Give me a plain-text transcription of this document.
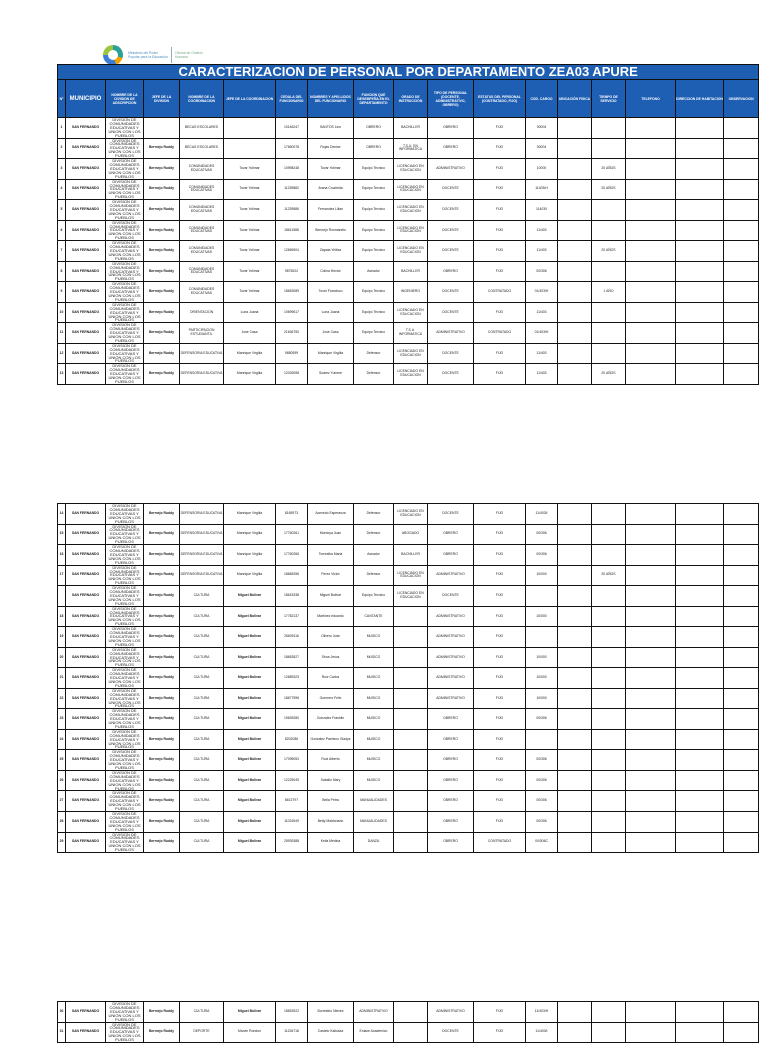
Ministerio del Poder Popular para la Educación
Oficina de Gestión Humana
CARACTERIZACION DE PERSONAL POR DEPARTAMENTO ZEA03 APURE																	
N°	MUNICIPIO	NOMBRE DE LA DIVISION DE ADSCRIPCION	JEFE DE LA DIVISION	NOMBRE DE LA COORDINACION	JEFE DE LA COORDINACION	CEDULA DEL FUNCIONARIO	NOMBRES Y APELLIDOS DEL FUNCIONARIO	FUNCION QUE DESEMPEÑA EN EL DEPARTAMENTO	GRADO DE INSTRUCCIÓN	TIPO DE PERSONAL (DOCENTE, ADMINISTRATIVO, OBRERO)	ESTATUS DEL PERSONAL (CONTRATADO, FIJO)	COD. CARGO	UBICACIÓN FISICA	TIEMPO DE SERVICIO	TELEFONO	DIRECCION DE HABITACION	OBSERVACION
1	SAN FERNANDO	DIVISION DE COMUNIDADES EDUCATIVAS Y UNION CON LOS PUEBLOS		BECAS ESCOLARES		10146247	SANTOS Lino	OBRERO	BACHILLER	OBRERO	FIJO	00004					
2	SAN FERNANDO	DIVISION DE COMUNIDADES EDUCATIVAS Y UNION CON LOS PUEBLOS	Bermejo Ruddy	BECAS ESCOLARES		17650078	Rojas Denise	OBRERO	T.S.U. EN INFORMATICA	OBRERO	FIJO	00004					
3	SAN FERNANDO	DIVISION DE COMUNIDADES EDUCATIVAS Y UNION CON LOS PUEBLOS	Bermejo Ruddy	COMUNIDADES EDUCATIVAS	Tovar Yolimar	10998248	Tovar Yolimar	Equipo Tecnico	LICENCIADO EN EDUCACION	ADMINISTRATIVO	FIJO	10000		20 AÑOS			
4	SAN FERNANDO	DIVISION DE COMUNIDADES EDUCATIVAS Y UNION CON LOS PUEBLOS	Bermejo Ruddy	COMUNIDADES EDUCATIVAS	Tovar Yolimar	11239882	Arana Cruzleida	Equipo Tecnico	LICENCIADO EN EDUCACION	DOCENTE	FIJO	11403/H		20 AÑOS			
5	SAN FERNANDO	DIVISION DE COMUNIDADES EDUCATIVAS Y UNION CON LOS PUEBLOS	Bermejo Ruddy	COMUNIDADES EDUCATIVAS	Tovar Yolimar	11239886	Fernandez Lilian	Equipo Tecnico	LICENCIADO EN EDUCACION	DOCENTE	FIJO	11403/I					
6	SAN FERNANDO	DIVISION DE COMUNIDADES EDUCATIVAS Y UNION CON LOS PUEBLOS	Bermejo Ruddy	COMUNIDADES EDUCATIVAS	Tovar Yolimar	18611588	Bermejo Rosmarelis	Equipo Tecnico	LICENCIADO EN EDUCACION	DOCENTE	FIJO	11/403					
7	SAN FERNANDO	DIVISION DE COMUNIDADES EDUCATIVAS Y UNION CON LOS PUEBLOS	Bermejo Ruddy	COMUNIDADES EDUCATIVAS	Tovar Yolimar	12656904	Zapata Yelitza	Equipo Tecnico	LICENCIADO EN EDUCACION	DOCENTE	FIJO	11/403		20 AÑOS			
8	SAN FERNANDO	DIVISION DE COMUNIDADES EDUCATIVAS Y UNION CON LOS PUEBLOS	Bermejo Ruddy	COMUNIDADES EDUCATIVAS	Tovar Yolimar	9875522	Colina Hector	Aseador	BACHILLER	OBRERO	FIJO	00/306					
9	SAN FERNANDO	DIVISION DE COMUNIDADES EDUCATIVAS Y UNION CON LOS PUEBLOS	Bermejo Ruddy	COMUNIDADES EDUCATIVAS	Tovar Yolimar	18653089	Tovar Francisco	Equipo Tecnico	INGENIERO	DOCENTE	CONTRATADO	01/403/H		1 AÑO			
10	SAN FERNANDO	DIVISION DE COMUNIDADES EDUCATIVAS Y UNION CON LOS PUEBLOS	Bermejo Ruddy	ORIENTACION	Luna Juana	10699617	Luna Juana	Equipo Tecnico	LICENCIADO EN EDUCACION	DOCENTE	FIJO	11/403					
11	SAN FERNANDO	DIVISION DE COMUNIDADES EDUCATIVAS Y UNION CON LOS PUEBLOS	Bermejo Ruddy	PARTICIPACION ESTUDIANTIL	Jose Casa	21636750	Jose Casa	Equipo Tecnico	T.S.U. INFORMATICA	ADMINISTRATIVO	CONTRATADO	01/403/H					
12	SAN FERNANDO	DIVISION DE COMUNIDADES EDUCATIVAS Y UNION CON LOS PUEBLOS	Bermejo Ruddy	DEFENSORIA EDUCATIVA	Manrique Virgilia	9680959	Manrique Virgilia	Defensor	LICENCIADO EN EDUCACION	DOCENTE	FIJO	11/403					
13	SAN FERNANDO	DIVISION DE COMUNIDADES EDUCATIVAS Y UNION CON LOS PUEBLOS	Bermejo Ruddy	DEFENSORIA EDUCATIVA	Manrique Virgilia	12026098	Suarez Yumme	Defensor	LICENCIADO EN EDUCACION	DOCENTE	FIJO	11/403		20 AÑOS			
14	SAN FERNANDO	DIVISION DE COMUNIDADES EDUCATIVAS Y UNION CON LOS PUEBLOS	Bermejo Ruddy	DEFENSORIA EDUCATIVA	Manrique Virgilia	8165973	Acevedo Esperanza	Defensor	LICENCIADO EN EDUCACION	DOCENTE	FIJO	11/403/I					
15	SAN FERNANDO	DIVISION DE COMUNIDADES EDUCATIVAS Y UNION CON LOS PUEBLOS	Bermejo Ruddy	DEFENSORIA EDUCATIVA	Manrique Virgilia	17760261	Montoya Juan	Defensor	ABOGADO	OBRERO	FIJO	00/306					
16	SAN FERNANDO	DIVISION DE COMUNIDADES EDUCATIVAS Y UNION CON LOS PUEBLOS	Bermejo Ruddy	DEFENSORIA EDUCATIVA	Manrique Virgilia	17760266	Torrealba Maria	Aseador	BACHILLER	OBRERO	FIJO	00/306					
17	SAN FERNANDO	DIVISION DE COMUNIDADES EDUCATIVAS Y UNION CON LOS PUEBLOS	Bermejo Ruddy	DEFENSORIA EDUCATIVA	Manrique Virgilia	18665256	Perez Victor	Defensor	LICENCIADO EN EDUCACION	ADMINISTRATIVO	FIJO	10/000		20 AÑOS			
	SAN FERNANDO	DIVISION DE COMUNIDADES EDUCATIVAS Y UNION CON LOS PUEBLOS	Bermejo Ruddy	CULTURA	Miguel Bolivar	18615338	Miguel Bolivar	Equipo Tecnico	LICENCIADO EN EDUCACION	DOCENTE	FIJO						
18	SAN FERNANDO	DIVISION DE COMUNIDADES EDUCATIVAS Y UNION CON LOS PUEBLOS	Bermejo Ruddy	CULTURA	Miguel Bolivar	17782137	Martinez eduardo	CANTANTE		ADMINISTRATIVO	FIJO	10/000					
19	SAN FERNANDO	DIVISION DE COMUNIDADES EDUCATIVAS Y UNION CON LOS PUEBLOS	Bermejo Ruddy	CULTURA	Miguel Bolivar	26609116	Olivero Jose	MUSICO		ADMINISTRATIVO	FIJO						
20	SAN FERNANDO	DIVISION DE COMUNIDADES EDUCATIVAS Y UNION CON LOS PUEBLOS	Bermejo Ruddy	CULTURA	Miguel Bolivar	18653527	Siroa Jesus	MUSICO		ADMINISTRATIVO	FIJO	10/000					
21	SAN FERNANDO	DIVISION DE COMUNIDADES EDUCATIVAS Y UNION CON LOS PUEBLOS	Bermejo Ruddy	CULTURA	Miguel Bolivar	12689323	Ruiz Carlos	MUSICO		ADMINISTRATIVO	FIJO	10/000					
22	SAN FERNANDO	DIVISION DE COMUNIDADES EDUCATIVAS Y UNION CON LOS PUEBLOS	Bermejo Ruddy	CULTURA	Miguel Bolivar	18677596	Guerrero Felix	MUSICO		ADMINISTRATIVO	FIJO	10/000					
23	SAN FERNANDO	DIVISION DE COMUNIDADES EDUCATIVAS Y UNION CON LOS PUEBLOS	Bermejo Ruddy	CULTURA	Miguel Bolivar	19639280	Gonzalez Franklin	MUSICO		OBRERO	FIJO	00/306					
24	SAN FERNANDO	DIVISION DE COMUNIDADES EDUCATIVAS Y UNION CON LOS PUEBLOS	Bermejo Ruddy	CULTURA	Miguel Bolivar	8202086	Gonzalez Pacheco Gladys	MUSICO		OBRERO	FIJO						
25	SAN FERNANDO	DIVISION DE COMUNIDADES EDUCATIVAS Y UNION CON LOS PUEBLOS	Bermejo Ruddy	CULTURA	Miguel Bolivar	17095053	Ruiz Alberto	MUSICO		OBRERO	FIJO	00/306					
26	SAN FERNANDO	DIVISION DE COMUNIDADES EDUCATIVAS Y UNION CON LOS PUEBLOS	Bermejo Ruddy	CULTURA	Miguel Bolivar	12225049	Saballo Mary	MUSICO		OBRERO	FIJO	00/306					
27	SAN FERNANDO	DIVISION DE COMUNIDADES EDUCATIVAS Y UNION CON LOS PUEBLOS	Bermejo Ruddy	CULTURA	Miguel Bolivar	8613797	Bella Petra	MANUALIDADES		OBRERO	FIJO	00/306					
28	SAN FERNANDO	DIVISION DE COMUNIDADES EDUCATIVAS Y UNION CON LOS PUEBLOS	Bermejo Ruddy	CULTURA	Miguel Bolivar	11024549	Betty Maldonado	MANUALIDADES		OBRERO	FIJO	00/306					
29	SAN FERNANDO	DIVISION DE COMUNIDADES EDUCATIVAS Y UNION CON LOS PUEBLOS	Bermejo Ruddy	CULTURA	Miguel Bolivar	25939388	Keila Medina	DANZA		OBRERO	CONTRATADO	00/306C					
30	SAN FERNANDO	DIVISION DE COMUNIDADES EDUCATIVAS Y UNION CON LOS PUEBLOS	Bermejo Ruddy	CULTURA	Miguel Bolivar	18653922	Borrestrio Nieves	ADMINISTRATIVO		ADMINISTRATIVO	FIJO	11/403/H					
31	SAN FERNANDO	DIVISION DE COMUNIDADES EDUCATIVAS Y UNION CON LOS PUEBLOS	Bermejo Ruddy	DEPORTE	Marvin Rondon	11226718	Castelo Katiuska	Enlace Academico		DOCENTE	FIJO	11/403/I					
